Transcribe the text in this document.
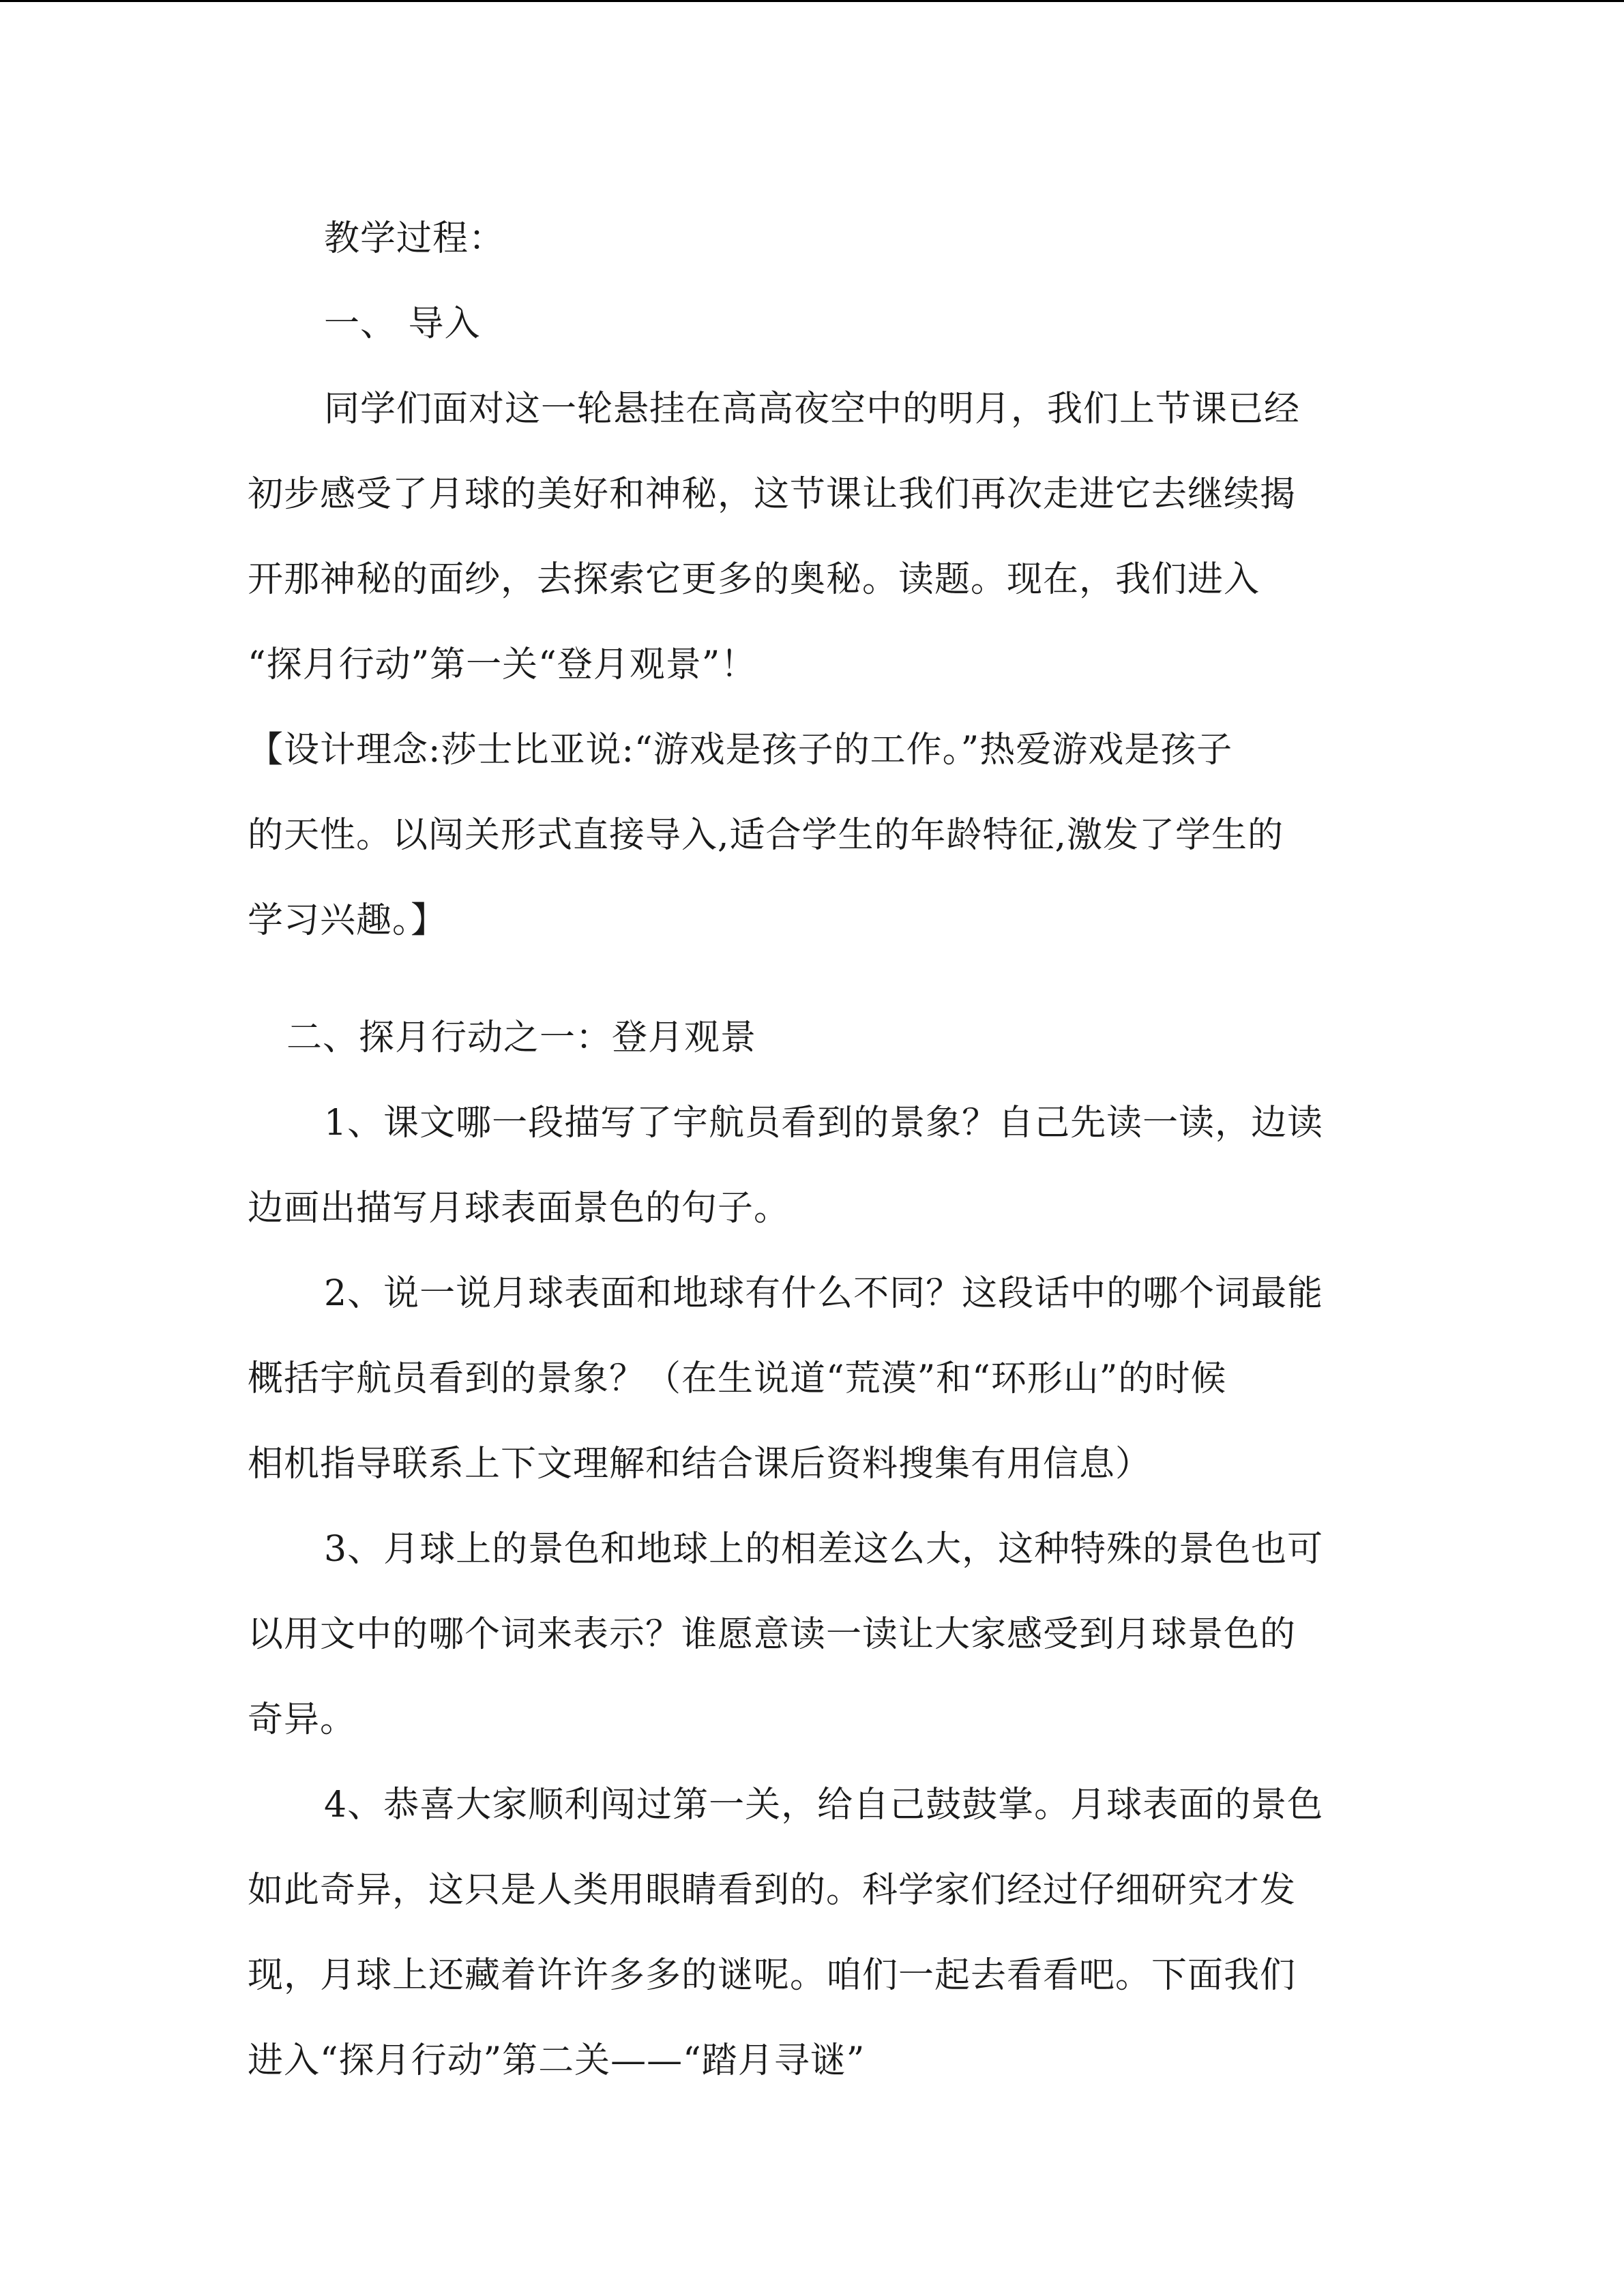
教学过程：
一、 导入
同学们面对这一轮悬挂在高高夜空中的明月，我们上节课已经
初步感受了月球的美好和神秘，这节课让我们再次走进它去继续揭
开那神秘的面纱，去探索它更多的奥秘。读题。现在，我们进入
“探月行动”第一关“登月观景”！
【设计理念:莎士比亚说:“游戏是孩子的工作。”热爱游戏是孩子
的天性。以闯关形式直接导入,适合学生的年龄特征,激发了学生的
学习兴趣。】
二、探月行动之一：登月观景
1、课文哪一段描写了宇航员看到的景象？自己先读一读，边读
边画出描写月球表面景色的句子。
2、说一说月球表面和地球有什么不同？这段话中的哪个词最能
概括宇航员看到的景象？（在生说道“荒漠”和“环形山”的时候
相机指导联系上下文理解和结合课后资料搜集有用信息）
3、月球上的景色和地球上的相差这么大，这种特殊的景色也可
以用文中的哪个词来表示？谁愿意读一读让大家感受到月球景色的
奇异。
4、恭喜大家顺利闯过第一关，给自己鼓鼓掌。月球表面的景色
如此奇异，这只是人类用眼睛看到的。科学家们经过仔细研究才发
现，月球上还藏着许许多多的谜呢。咱们一起去看看吧。下面我们
进入“探月行动”第二关——“踏月寻谜”
